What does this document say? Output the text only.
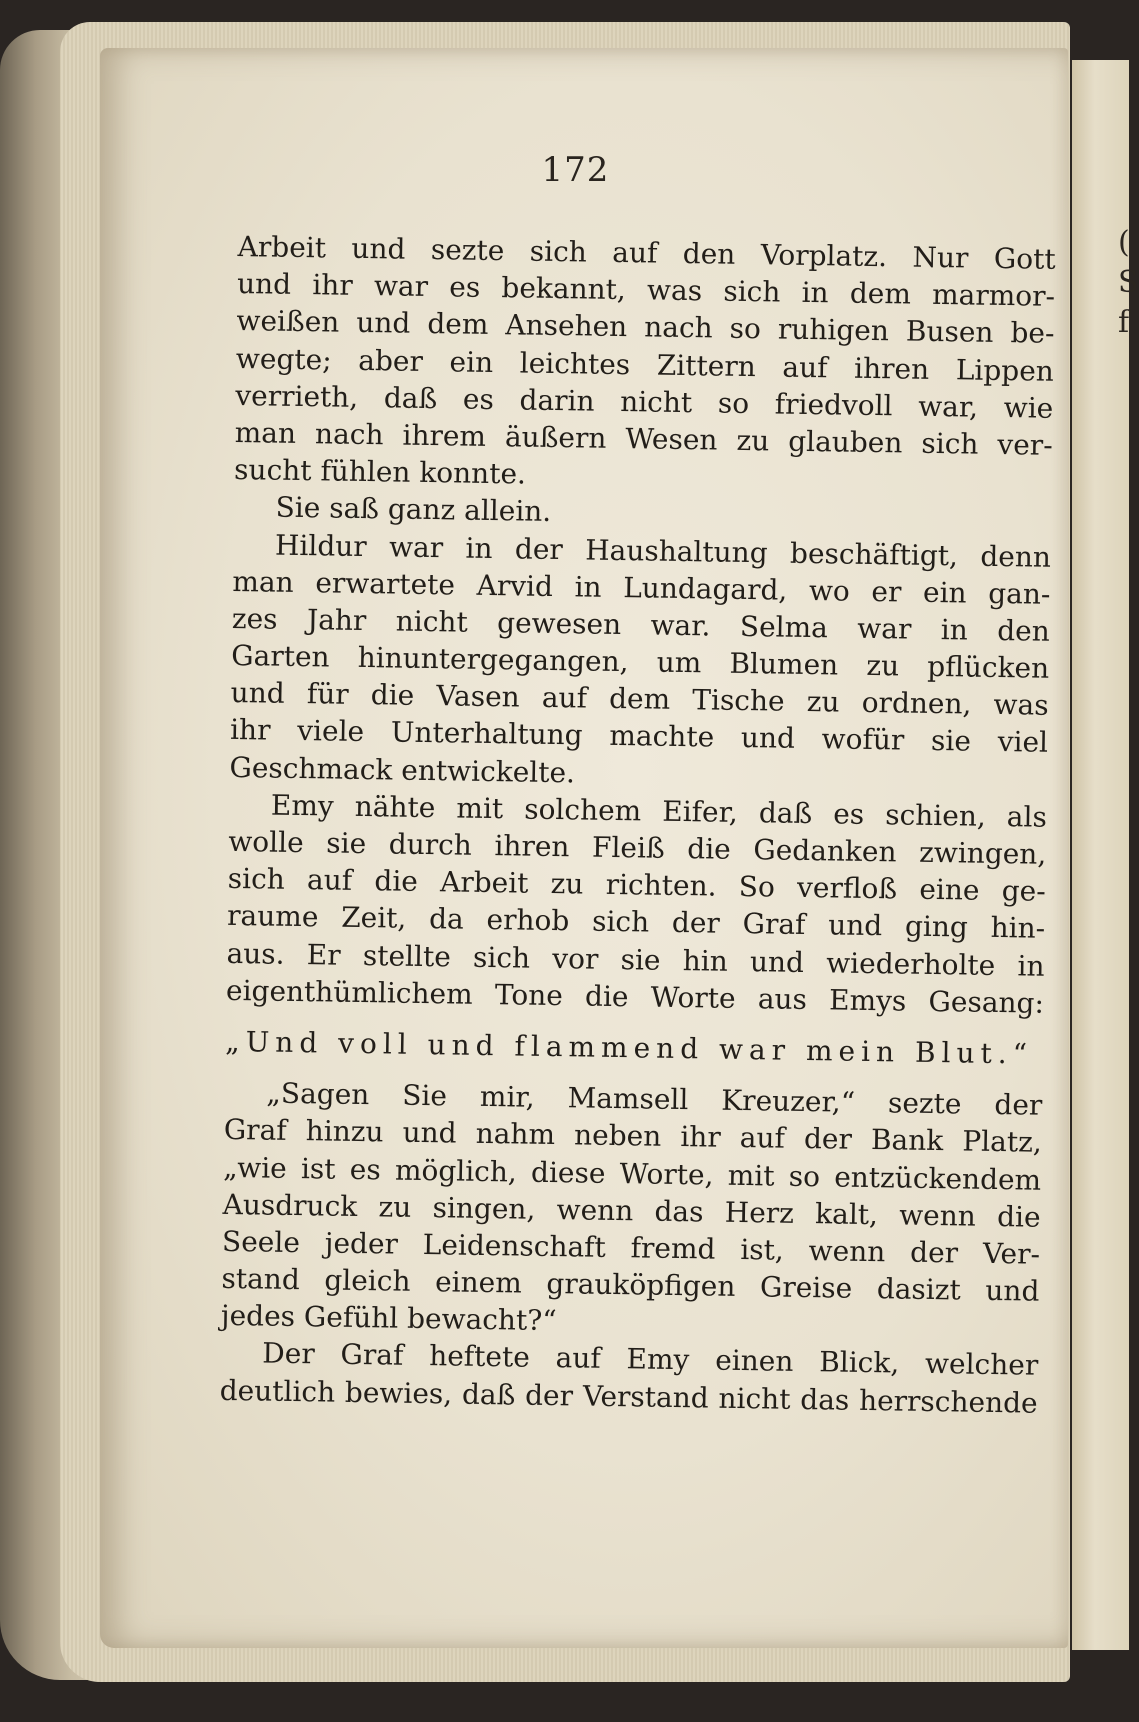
(
S
f
172
Arbeit und sezte sich auf den Vorplatz. Nur Gott
und ihr war es bekannt, was sich in dem marmor-
weißen und dem Ansehen nach so ruhigen Busen be-
wegte; aber ein leichtes Zittern auf ihren Lippen
verrieth, daß es darin nicht so friedvoll war, wie
man nach ihrem äußern Wesen zu glauben sich ver-
sucht fühlen konnte.
Sie saß ganz allein.
Hildur war in der Haushaltung beschäftigt, denn
man erwartete Arvid in Lundagard, wo er ein gan-
zes Jahr nicht gewesen war. Selma war in den
Garten hinuntergegangen, um Blumen zu pflücken
und für die Vasen auf dem Tische zu ordnen, was
ihr viele Unterhaltung machte und wofür sie viel
Geschmack entwickelte.
Emy nähte mit solchem Eifer, daß es schien, als
wolle sie durch ihren Fleiß die Gedanken zwingen,
sich auf die Arbeit zu richten. So verfloß eine ge-
raume Zeit, da erhob sich der Graf und ging hin-
aus. Er stellte sich vor sie hin und wiederholte in
eigenthümlichem Tone die Worte aus Emys Gesang:
„Und voll und flammend war mein Blut.“
„Sagen Sie mir, Mamsell Kreuzer,“ sezte der
Graf hinzu und nahm neben ihr auf der Bank Platz,
„wie ist es möglich, diese Worte, mit so entzückendem
Ausdruck zu singen, wenn das Herz kalt, wenn die
Seele jeder Leidenschaft fremd ist, wenn der Ver-
stand gleich einem grauköpfigen Greise dasizt und
jedes Gefühl bewacht?“
Der Graf heftete auf Emy einen Blick, welcher
deutlich bewies, daß der Verstand nicht das herrschende
